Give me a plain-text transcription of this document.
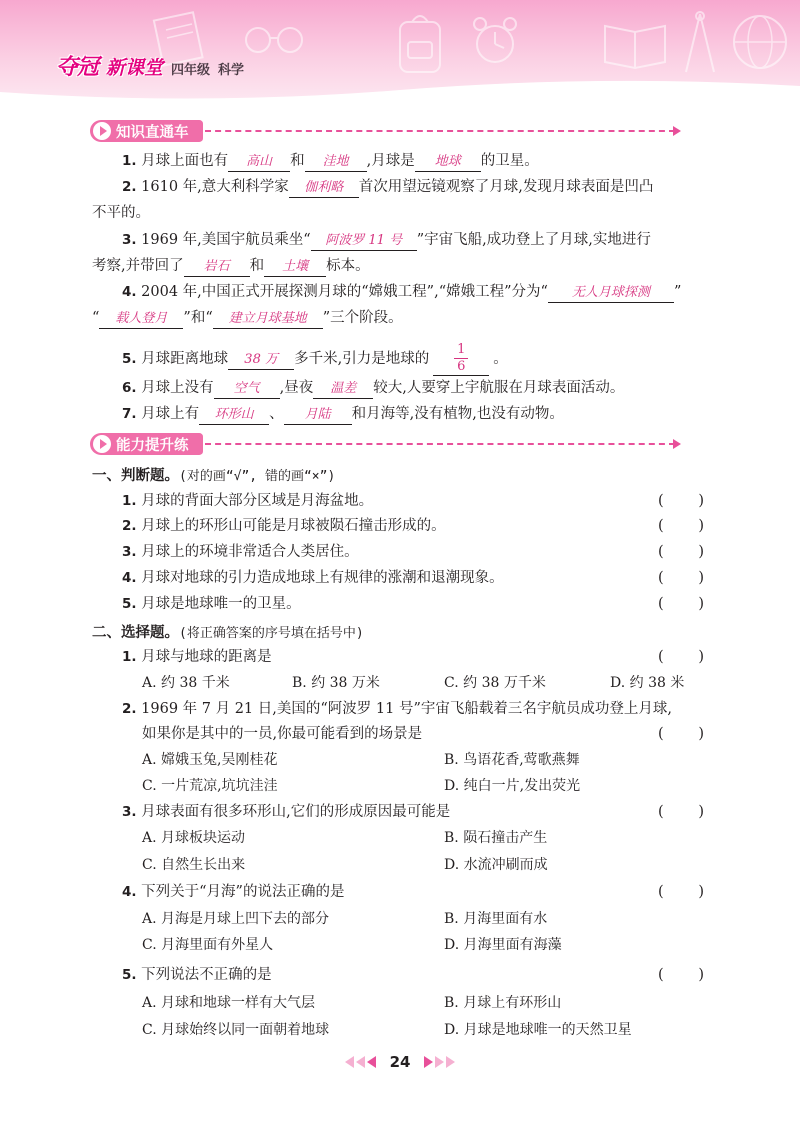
夺冠 新课堂 四年级 科学
知识直通车
1. 月球上面也有 高山 和 洼地 ,月球是 地球 的卫星。
2. 1610 年,意大利科学家 伽利略 首次用望远镜观察了月球,发现月球表面是凹凸
不平的。
3. 1969 年,美国宇航员乘坐“ 阿波罗 11 号 ”宇宙飞船,成功登上了月球,实地进行
考察,并带回了 岩石 和 土壤 标本。
4. 2004 年,中国正式开展探测月球的“嫦娥工程”,“嫦娥工程”分为“ 无人月球探测 ”
“ 载人登月 ”和“ 建立月球基地 ”三个阶段。
5. 月球距离地球 38 万 多千米,引力是地球的 $\frac{1}{6}$ 。
6. 月球上没有 空气 ,昼夜 温差 较大,人要穿上宇航服在月球表面活动。
7. 月球上有 环形山 、 月陆 和月海等,没有植物,也没有动物。
能力提升练
一、判断题。(对的画“√”, 错的画“×”)
1. 月球的背面大部分区域是月海盆地。	( )
2. 月球上的环形山可能是月球被陨石撞击形成的。	( )
3. 月球上的环境非常适合人类居住。	( )
4. 月球对地球的引力造成地球上有规律的涨潮和退潮现象。	( )
5. 月球是地球唯一的卫星。	( )
二、选择题。(将正确答案的序号填在括号中)
1. 月球与地球的距离是	( )
A. 约 38 千米	B. 约 38 万米	C. 约 38 万千米	D. 约 38 米
2. 1969 年 7 月 21 日,美国的“阿波罗 11 号”宇宙飞船载着三名宇航员成功登上月球,
如果你是其中的一员,你最可能看到的场景是	( )
A. 嫦娥玉兔,吴刚桂花	B. 鸟语花香,莺歌燕舞
C. 一片荒凉,坑坑洼洼	D. 纯白一片,发出荧光
3. 月球表面有很多环形山,它们的形成原因最可能是	( )
A. 月球板块运动	B. 陨石撞击产生
C. 自然生长出来	D. 水流冲刷而成
4. 下列关于“月海”的说法正确的是	( )
A. 月海是月球上凹下去的部分	B. 月海里面有水
C. 月海里面有外星人	D. 月海里面有海藻
5. 下列说法不正确的是	( )
A. 月球和地球一样有大气层	B. 月球上有环形山
C. 月球始终以同一面朝着地球	D. 月球是地球唯一的天然卫星
24
